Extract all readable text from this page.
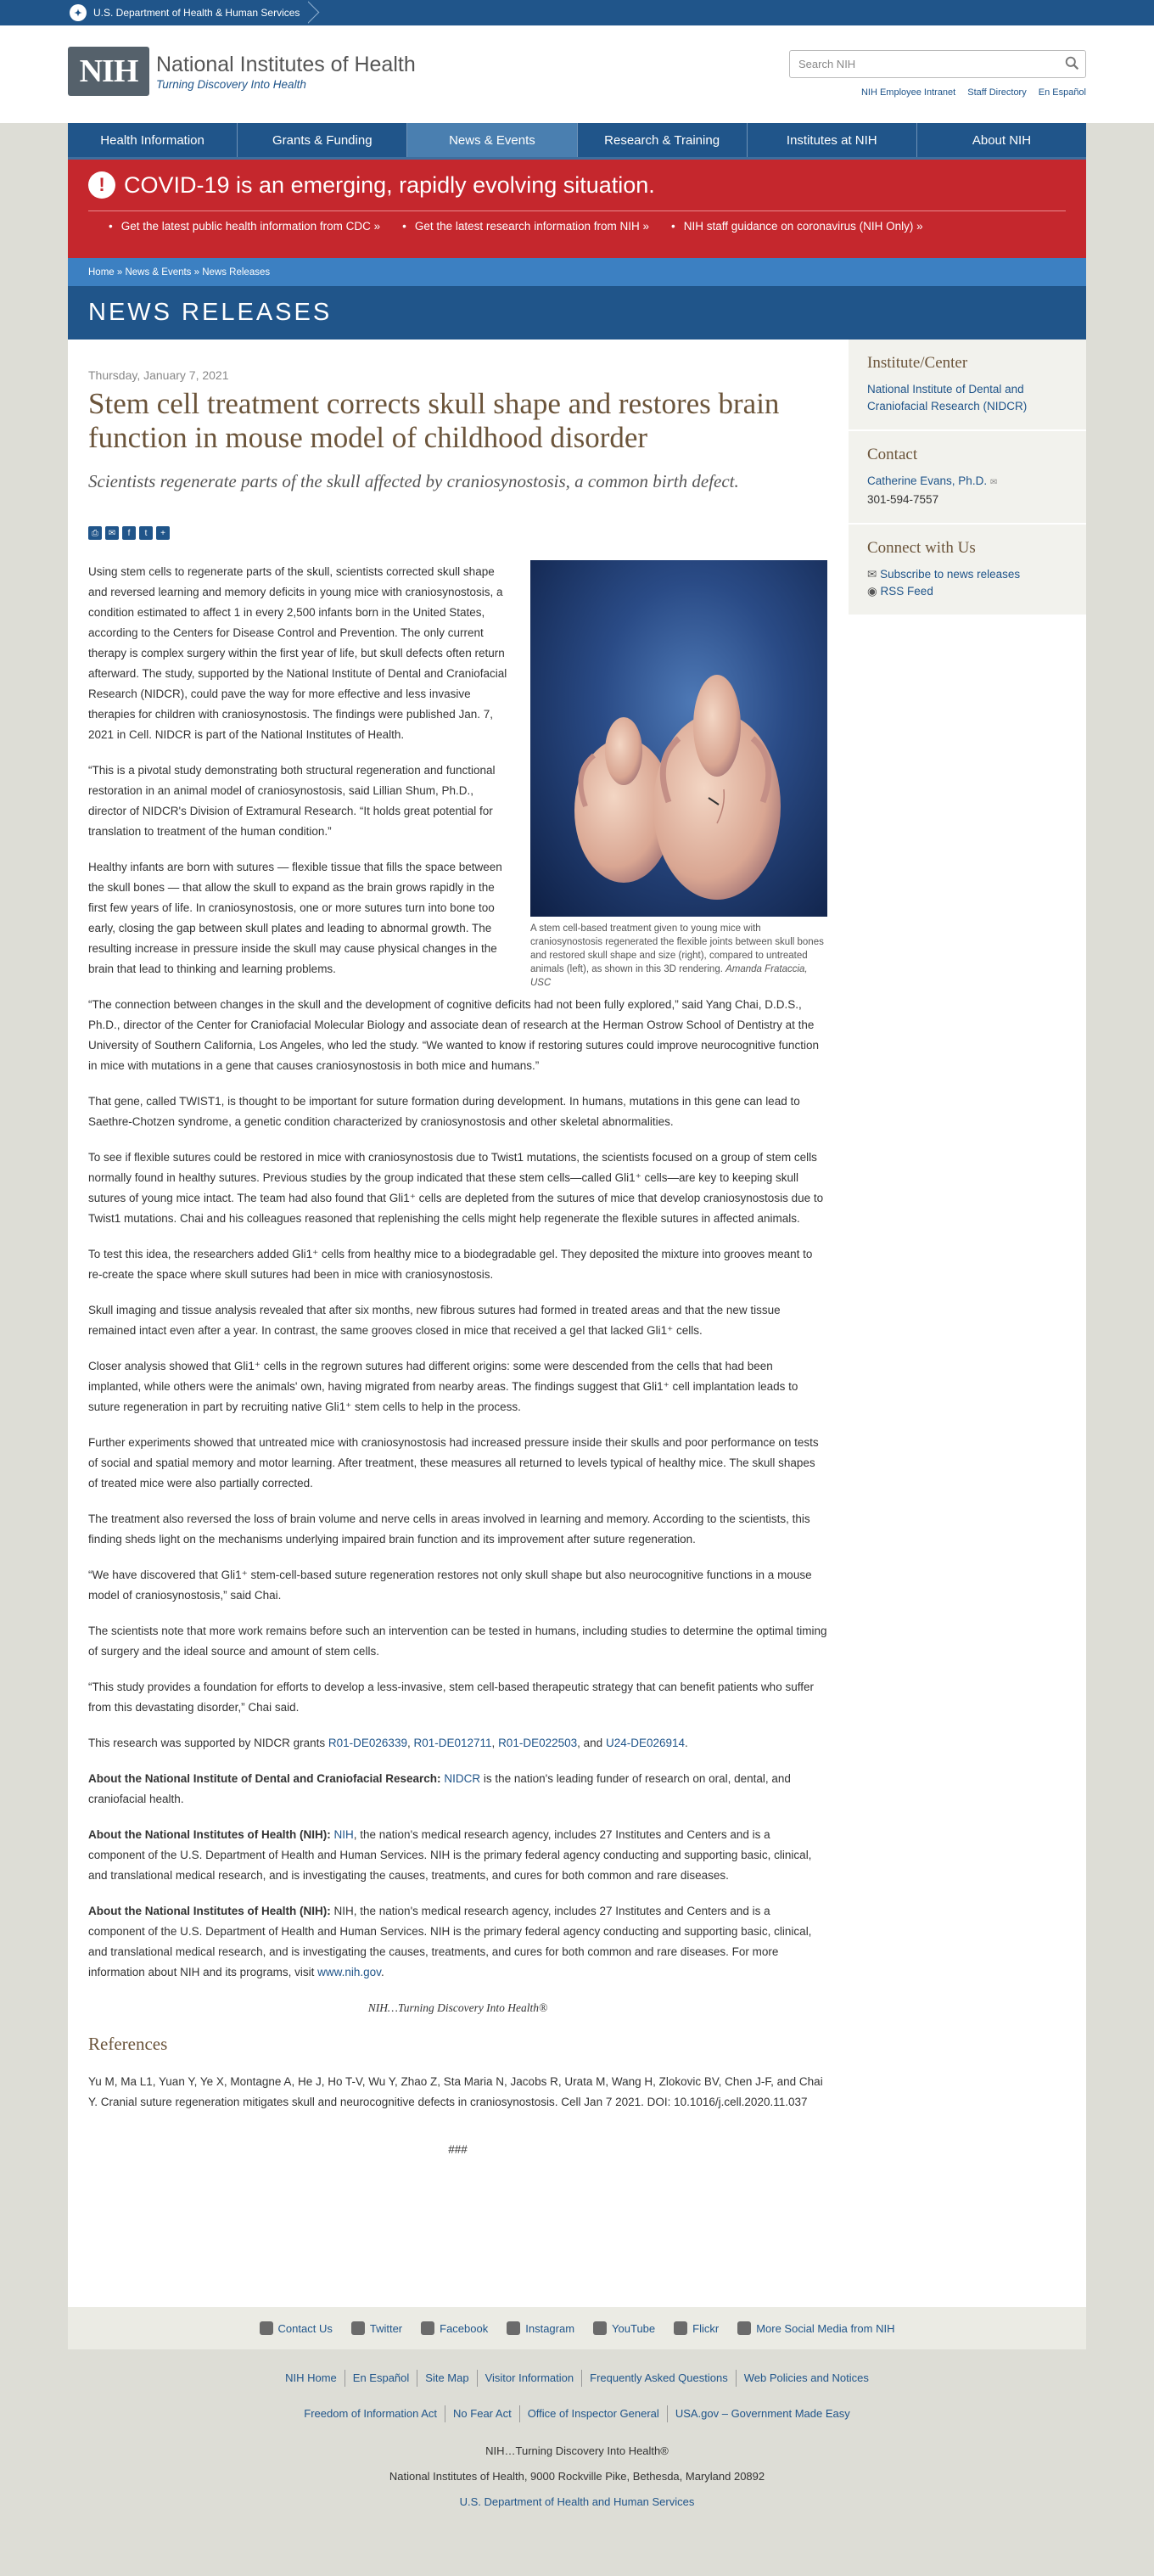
✦	U.S. Department of Health & Human Services
NIH National Institutes of Health
Turning Discovery Into Health
Search NIH
NIH Employee Intranet Staff Directory En Español
Health Information	Grants & Funding	News & Events	Research & Training	Institutes at NIH	About NIH
! COVID-19 is an emerging, rapidly evolving situation.
• Get the latest public health information from CDC »	• Get the latest research information from NIH »	• NIH staff guidance on coronavirus (NIH Only) »
Home » News & Events » News Releases
NEWS RELEASES
Thursday, January 7, 2021
Stem cell treatment corrects skull shape and restores brain function in mouse model of childhood disorder
Scientists regenerate parts of the skull affected by craniosynostosis, a common birth defect.
⎙	✉	f	t	+
A stem cell-based treatment given to young mice with craniosynostosis regenerated the flexible joints between skull bones and restored skull shape and size (right), compared to untreated animals (left), as shown in this 3D rendering. Amanda Frataccia, USC

Using stem cells to regenerate parts of the skull, scientists corrected skull shape and reversed learning and memory deficits in young mice with craniosynostosis, a condition estimated to affect 1 in every 2,500 infants born in the United States, according to the Centers for Disease Control and Prevention. The only current therapy is complex surgery within the first year of life, but skull defects often return afterward. The study, supported by the National Institute of Dental and Craniofacial Research (NIDCR), could pave the way for more effective and less invasive therapies for children with craniosynostosis. The findings were published Jan. 7, 2021 in Cell. NIDCR is part of the National Institutes of Health.

“This is a pivotal study demonstrating both structural regeneration and functional restoration in an animal model of craniosynostosis, said Lillian Shum, Ph.D., director of NIDCR's Division of Extramural Research. “It holds great potential for translation to treatment of the human condition.”

Healthy infants are born with sutures — flexible tissue that fills the space between the skull bones — that allow the skull to expand as the brain grows rapidly in the first few years of life. In craniosynostosis, one or more sutures turn into bone too early, closing the gap between skull plates and leading to abnormal growth. The resulting increase in pressure inside the skull may cause physical changes in the brain that lead to thinking and learning problems.

“The connection between changes in the skull and the development of cognitive deficits had not been fully explored,” said Yang Chai, D.D.S., Ph.D., director of the Center for Craniofacial Molecular Biology and associate dean of research at the Herman Ostrow School of Dentistry at the University of Southern California, Los Angeles, who led the study. “We wanted to know if restoring sutures could improve neurocognitive function in mice with mutations in a gene that causes craniosynostosis in both mice and humans.”

That gene, called TWIST1, is thought to be important for suture formation during development. In humans, mutations in this gene can lead to Saethre-Chotzen syndrome, a genetic condition characterized by craniosynostosis and other skeletal abnormalities.

To see if flexible sutures could be restored in mice with craniosynostosis due to Twist1 mutations, the scientists focused on a group of stem cells normally found in healthy sutures. Previous studies by the group indicated that these stem cells—called Gli1⁺ cells—are key to keeping skull sutures of young mice intact. The team had also found that Gli1⁺ cells are depleted from the sutures of mice that develop craniosynostosis due to Twist1 mutations. Chai and his colleagues reasoned that replenishing the cells might help regenerate the flexible sutures in affected animals.

To test this idea, the researchers added Gli1⁺ cells from healthy mice to a biodegradable gel. They deposited the mixture into grooves meant to re-create the space where skull sutures had been in mice with craniosynostosis.

Skull imaging and tissue analysis revealed that after six months, new fibrous sutures had formed in treated areas and that the new tissue remained intact even after a year. In contrast, the same grooves closed in mice that received a gel that lacked Gli1⁺ cells.

Closer analysis showed that Gli1⁺ cells in the regrown sutures had different origins: some were descended from the cells that had been implanted, while others were the animals' own, having migrated from nearby areas. The findings suggest that Gli1⁺ cell implantation leads to suture regeneration in part by recruiting native Gli1⁺ stem cells to help in the process.

Further experiments showed that untreated mice with craniosynostosis had increased pressure inside their skulls and poor performance on tests of social and spatial memory and motor learning. After treatment, these measures all returned to levels typical of healthy mice. The skull shapes of treated mice were also partially corrected.

The treatment also reversed the loss of brain volume and nerve cells in areas involved in learning and memory. According to the scientists, this finding sheds light on the mechanisms underlying impaired brain function and its improvement after suture regeneration.

“We have discovered that Gli1⁺ stem-cell-based suture regeneration restores not only skull shape but also neurocognitive functions in a mouse model of craniosynostosis,” said Chai.

The scientists note that more work remains before such an intervention can be tested in humans, including studies to determine the optimal timing of surgery and the ideal source and amount of stem cells.

“This study provides a foundation for efforts to develop a less-invasive, stem cell-based therapeutic strategy that can benefit patients who suffer from this devastating disorder,” Chai said.

This research was supported by NIDCR grants R01-DE026339, R01-DE012711, R01-DE022503, and U24-DE026914.

About the National Institute of Dental and Craniofacial Research: NIDCR is the nation's leading funder of research on oral, dental, and craniofacial health.

About the National Institutes of Health (NIH): NIH, the nation's medical research agency, includes 27 Institutes and Centers and is a component of the U.S. Department of Health and Human Services. NIH is the primary federal agency conducting and supporting basic, clinical, and translational medical research, and is investigating the causes, treatments, and cures for both common and rare diseases.

About the National Institutes of Health (NIH): NIH, the nation's medical research agency, includes 27 Institutes and Centers and is a component of the U.S. Department of Health and Human Services. NIH is the primary federal agency conducting and supporting basic, clinical, and translational medical research, and is investigating the causes, treatments, and cures for both common and rare diseases. For more information about NIH and its programs, visit www.nih.gov.

NIH…Turning Discovery Into Health®

References

Yu M, Ma L1, Yuan Y, Ye X, Montagne A, He J, Ho T-V, Wu Y, Zhao Z, Sta Maria N, Jacobs R, Urata M, Wang H, Zlokovic BV, Chen J-F, and Chai Y. Cranial suture regeneration mitigates skull and neurocognitive defects in craniosynostosis. Cell Jan 7 2021. DOI: 10.1016/j.cell.2020.11.037

###
Institute/Center
National Institute of Dental and Craniofacial Research (NIDCR)
Contact
Catherine Evans, Ph.D. ✉
301-594-7557
Connect with Us
✉ Subscribe to news releases
◉ RSS Feed
Contact Us	Twitter	Facebook	Instagram	YouTube	Flickr	More Social Media from NIH
NIH Home	En Español	Site Map	Visitor Information	Frequently Asked Questions	Web Policies and Notices
Freedom of Information Act	No Fear Act	Office of Inspector General	USA.gov – Government Made Easy
NIH…Turning Discovery Into Health®
National Institutes of Health, 9000 Rockville Pike, Bethesda, Maryland 20892
U.S. Department of Health and Human Services
